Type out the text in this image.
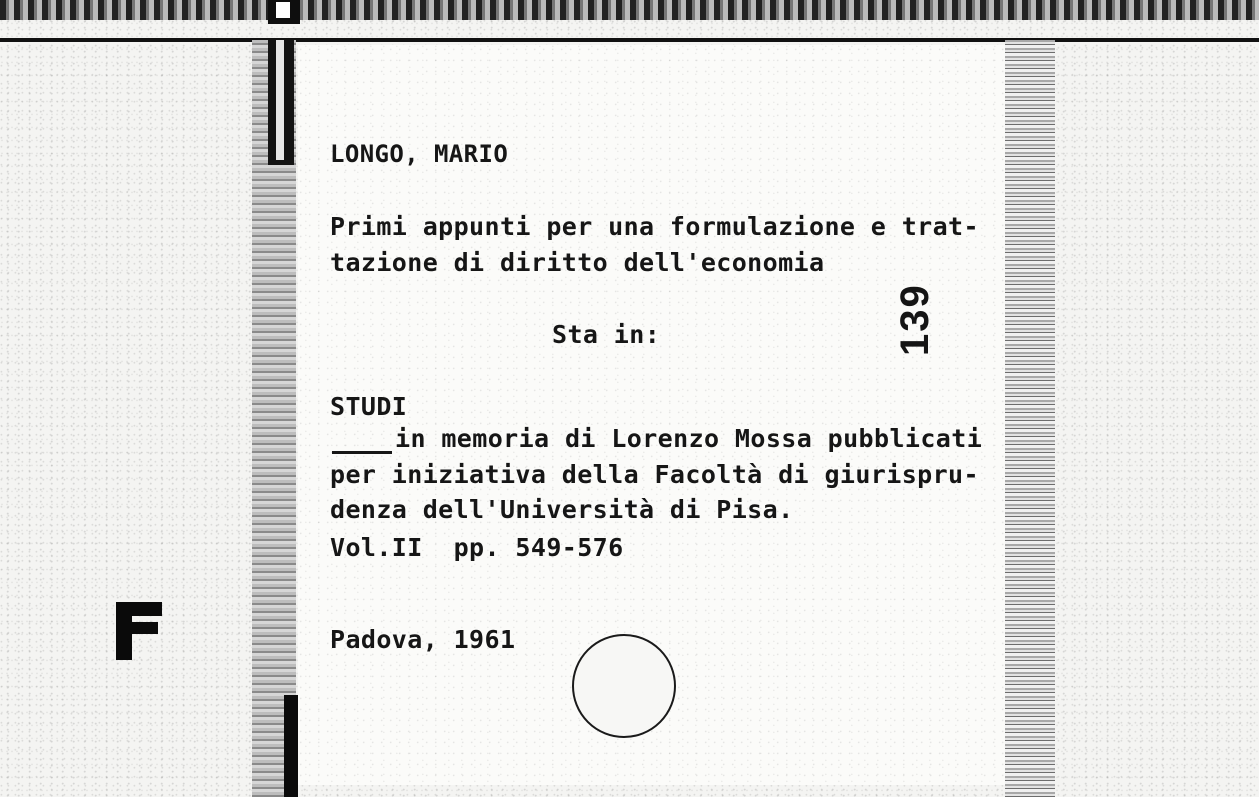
LONGO, MARIO
Primi appunti per una formulazione e trat-
tazione di diritto dell'economia
Sta in:	139
STUDI
in memoria di Lorenzo Mossa pubblicati
per iniziativa della Facoltà di giurispru-
denza dell'Università di Pisa.
Vol.II  pp. 549-576
Padova, 1961
